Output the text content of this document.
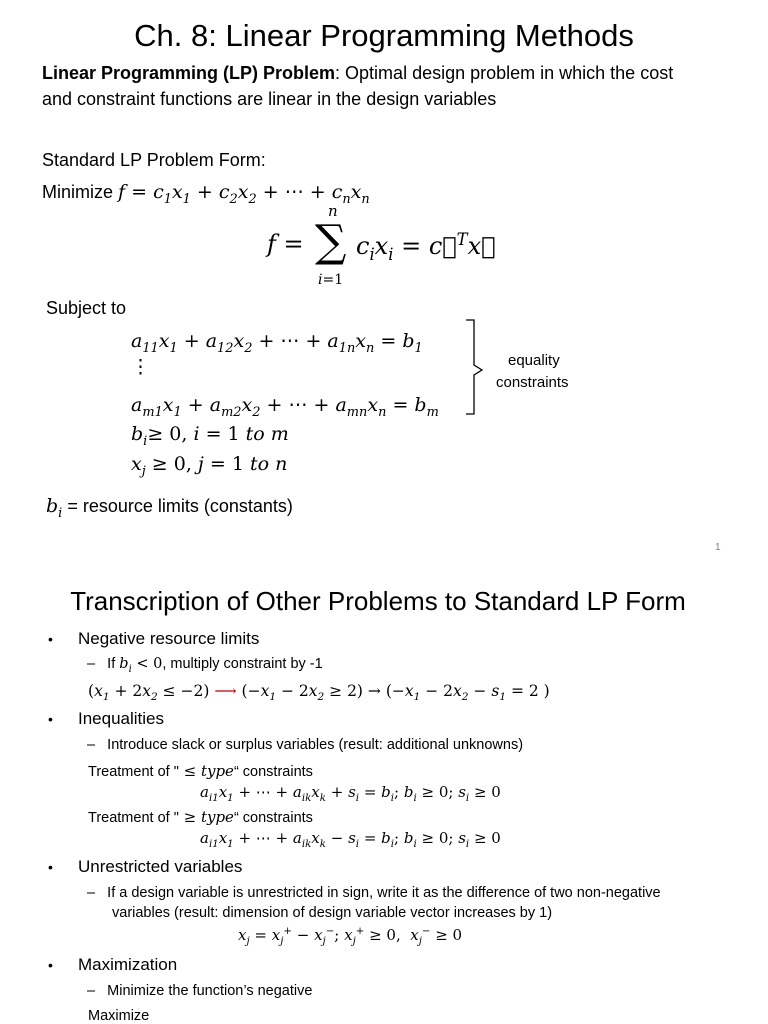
Ch. 8: Linear Programming Methods
Linear Programming (LP) Problem: Optimal design problem in which the cost
and constraint functions are linear in the design variables
Standard LP Problem Form:
Minimize $f = c_1x_1 + c_2x_2$ + ⋯ + $c_nx_n$
n
f = ∑ $c_ix_i$ = c⃗$^T$x⃗
i=1
Subject to
$a_{11}x_1 + a_{12}x_2$ + ⋯ + $a_{1n}x_n = b_1$
⋮
$a_{m1}x_1 + a_{m2}x_2$ + ⋯ + $a_{mn}x_n = b_m$
$b_i\ge 0$, i = 1 to m
$x_j \ge 0$, j = 1 to n
equality
constraints
$b_i$ = resource limits (constants)
1
Transcription of Other Problems to Standard LP Form
• Negative resource limits
– If $b_i < 0$, multiply constraint by -1
$(x_1 + 2x_2 \le -2)$ ⟶ $(-x_1 - 2x_2 \ge 2) \to (-x_1 - 2x_2 - s_1 = 2$ )
• Inequalities
– Introduce slack or surplus variables (result: additional unknowns)
Treatment of " ≤ type“ constraints
$a_{i1}x_1$ + ⋯ + $a_{ik}x_k + s_i = b_i$; $b_i \ge 0$; $s_i \ge 0$
Treatment of " ≥ type“ constraints
$a_{i1}x_1$ + ⋯ + $a_{ik}x_k - s_i = b_i$; $b_i \ge 0$; $s_i \ge 0$
• Unrestricted variables
– If a design variable is unrestricted in sign, write it as the difference of two non-negative
variables (result: dimension of design variable vector increases by 1)
$x_j = x_j^+ - x_j^-$; $x_j^+ \ge 0$,  $x_j^- \ge 0$
• Maximization
– Minimize the function’s negative
Maximize
